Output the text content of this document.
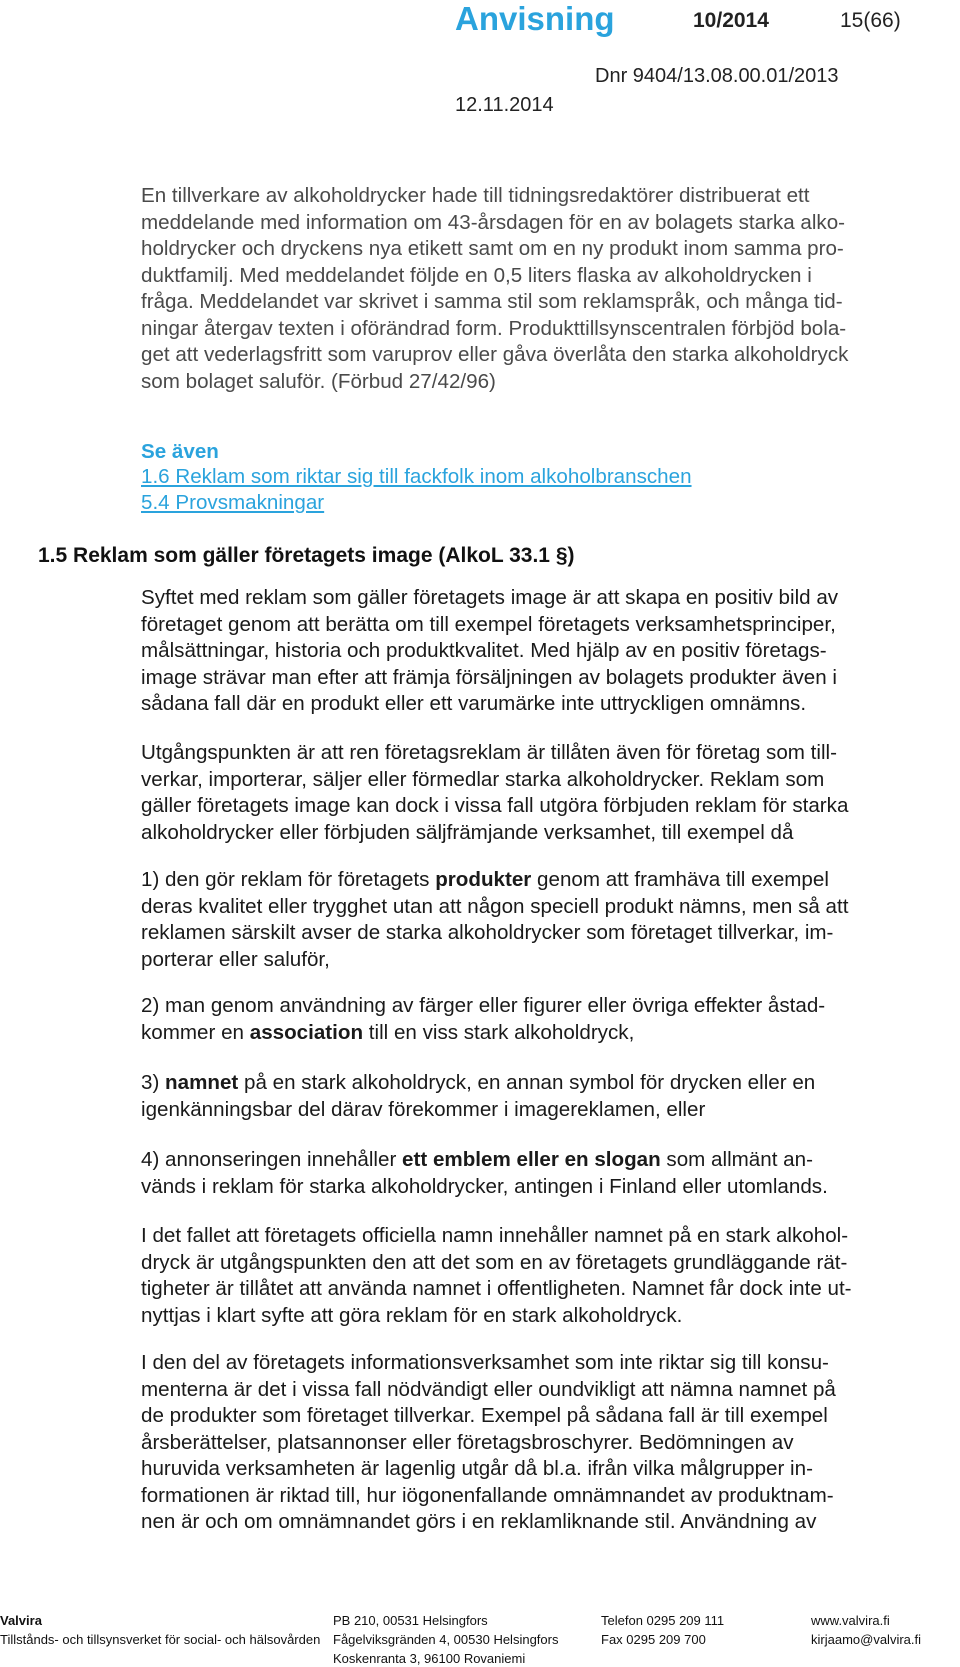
Anvisning	10/2014	15(66)
Dnr 9404/13.08.00.01/2013
12.11.2014

En tillverkare av alkoholdrycker hade till tidningsredaktörer distribuerat ett
meddelande med information om 43-årsdagen för en av bolagets starka alko-
holdrycker och dryckens nya etikett samt om en ny produkt inom samma pro-
duktfamilj. Med meddelandet följde en 0,5 liters flaska av alkoholdrycken i
fråga. Meddelandet var skrivet i samma stil som reklamspråk, och många tid-
ningar återgav texten i oförändrad form. Produkttillsynscentralen förbjöd bola-
get att vederlagsfritt som varuprov eller gåva överlåta den starka alkoholdryck
som bolaget saluför. (Förbud 27/42/96)

Se även
1.6 Reklam som riktar sig till fackfolk inom alkoholbranschen
5.4 Provsmakningar
1.5 Reklam som gäller företagets image (AlkoL 33.1 §)

Syftet med reklam som gäller företagets image är att skapa en positiv bild av
företaget genom att berätta om till exempel företagets verksamhetsprinciper,
målsättningar, historia och produktkvalitet. Med hjälp av en positiv företags-
image strävar man efter att främja försäljningen av bolagets produkter även i
sådana fall där en produkt eller ett varumärke inte uttryckligen omnämns.

Utgångspunkten är att ren företagsreklam är tillåten även för företag som till-
verkar, importerar, säljer eller förmedlar starka alkoholdrycker. Reklam som
gäller företagets image kan dock i vissa fall utgöra förbjuden reklam för starka
alkoholdrycker eller förbjuden säljfrämjande verksamhet, till exempel då

1) den gör reklam för företagets produkter genom att framhäva till exempel
deras kvalitet eller trygghet utan att någon speciell produkt nämns, men så att
reklamen särskilt avser de starka alkoholdrycker som företaget tillverkar, im-
porterar eller saluför,

2) man genom användning av färger eller figurer eller övriga effekter åstad-
kommer en association till en viss stark alkoholdryck,

3) namnet på en stark alkoholdryck, en annan symbol för drycken eller en
igenkänningsbar del därav förekommer i imagereklamen, eller

4) annonseringen innehåller ett emblem eller en slogan som allmänt an-
vänds i reklam för starka alkoholdrycker, antingen i Finland eller utomlands.

I det fallet att företagets officiella namn innehåller namnet på en stark alkohol-
dryck är utgångspunkten den att det som en av företagets grundläggande rät-
tigheter är tillåtet att använda namnet i offentligheten. Namnet får dock inte ut-
nyttjas i klart syfte att göra reklam för en stark alkoholdryck.

I den del av företagets informationsverksamhet som inte riktar sig till konsu-
menterna är det i vissa fall nödvändigt eller oundvikligt att nämna namnet på
de produkter som företaget tillverkar. Exempel på sådana fall är till exempel
årsberättelser, platsannonser eller företagsbroschyrer. Bedömningen av
huruvida verksamheten är lagenlig utgår då bl.a. ifrån vilka målgrupper in-
formationen är riktad till, hur iögonenfallande omnämnandet av produktnam-
nen är och om omnämnandet görs i en reklamliknande stil. Användning av

Valvira
Tillstånds- och tillsynsverket för social- och hälsovården
PB 210, 00531 Helsingfors
Fågelviksgränden 4, 00530 Helsingfors
Koskenranta 3, 96100 Rovaniemi
Telefon 0295 209 111
Fax 0295 209 700
www.valvira.fi
kirjaamo@valvira.fi
